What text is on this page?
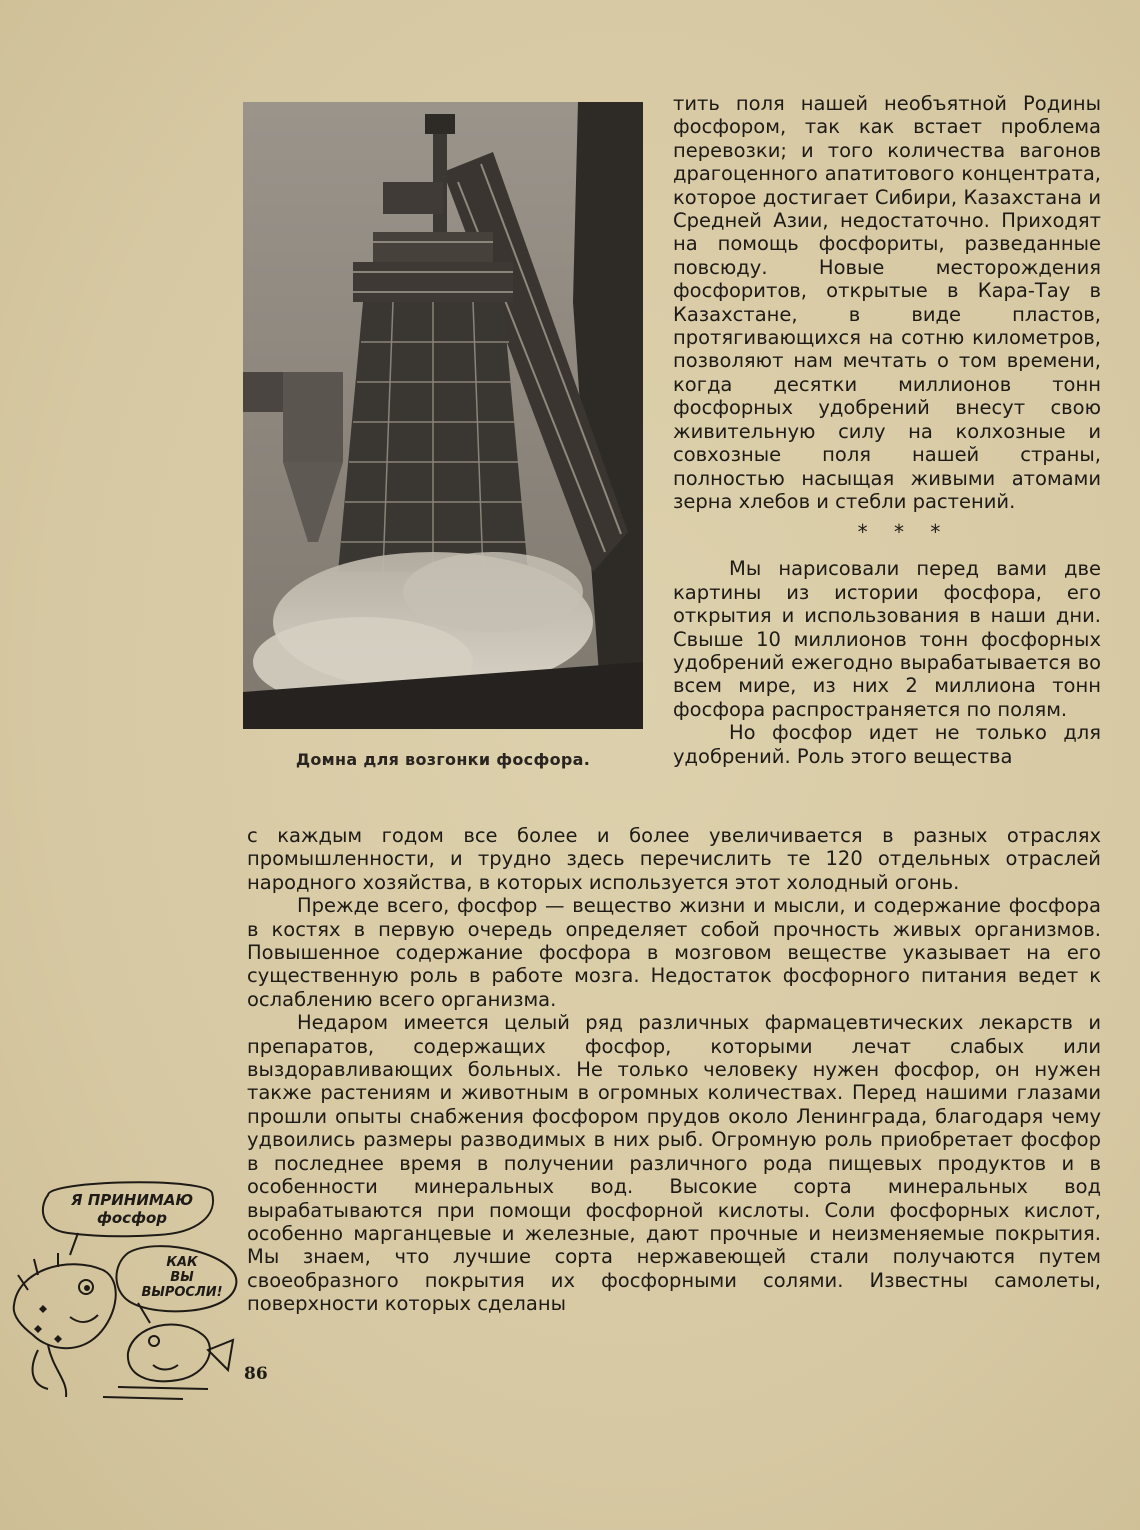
Домна для возгонки фосфора.

тить поля нашей необъятной Родины фосфором, так как встает проблема перевозки; и того количества вагонов драгоценного апатитового концентрата, которое достигает Сибири, Казахстана и Средней Азии, недостаточно. Приходят на помощь фосфориты, разведанные повсюду. Новые месторождения фосфоритов, открытые в Кара-Тау в Казахстане, в виде пластов, протягивающихся на сотню километров, позволяют нам мечтать о том времени, когда десятки миллионов тонн фосфорных удобрений внесут свою живительную силу на колхозные и совхозные поля нашей страны, полностью насыщая живыми атомами зерна хлебов и стебли растений.

* * *

Мы нарисовали перед вами две картины из истории фосфора, его открытия и использования в наши дни. Свыше 10 миллионов тонн фосфорных удобрений ежегодно вырабатывается во всем мире, из них 2 миллиона тонн фосфора распространяется по полям.

Но фосфор идет не только для удобрений. Роль этого вещества

с каждым годом все более и более увеличивается в разных отраслях промышленности, и трудно здесь перечислить те 120 отдельных отраслей народного хозяйства, в которых используется этот холодный огонь.

Прежде всего, фосфор — вещество жизни и мысли, и содержание фосфора в костях в первую очередь определяет собой прочность живых организмов. Повышенное содержание фосфора в мозговом веществе указывает на его существенную роль в работе мозга. Недостаток фосфорного питания ведет к ослаблению всего организма.

Недаром имеется целый ряд различных фармацевтических лекарств и препаратов, содержащих фосфор, которыми лечат слабых или выздоравливающих больных. Не только человеку нужен фосфор, он нужен также растениям и животным в огромных количествах. Перед нашими глазами прошли опыты снабжения фосфором прудов около Ленинграда, благодаря чему удвоились размеры разводимых в них рыб. Огромную роль приобретает фосфор в последнее время в получении различного рода пищевых продуктов и в особенности минеральных вод. Высокие сорта минеральных вод вырабатываются при помощи фосфорной кислоты. Соли фосфорных кислот, особенно марганцевые и железные, дают прочные и неизменяемые покрытия. Мы знаем, что лучшие сорта нержавеющей стали получаются путем своеобразного покрытия их фосфорными солями. Известны самолеты, поверхности которых сделаны

Я ПРИНИМАЮ
фосфор
КАК
ВЫ
ВЫРОСЛИ!
86
